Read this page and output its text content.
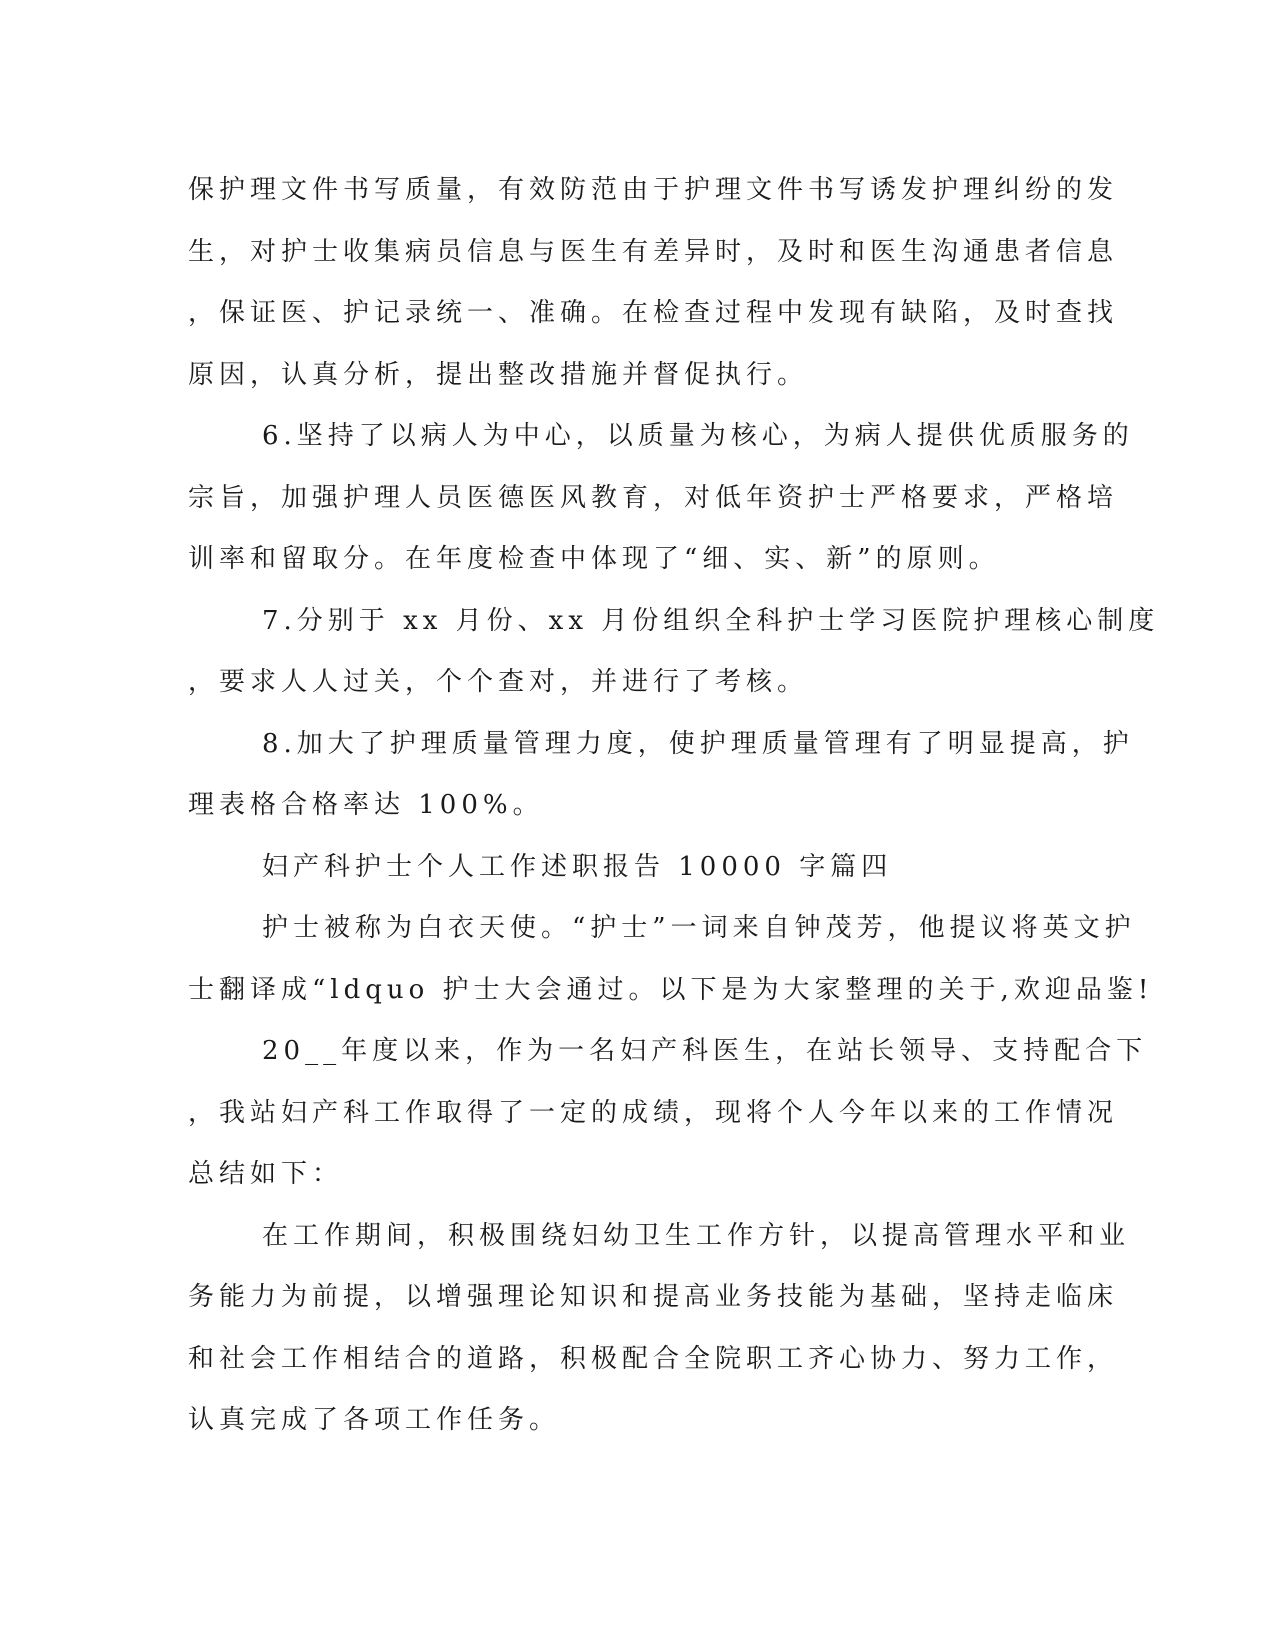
保护理文件书写质量，有效防范由于护理文件书写诱发护理纠纷的发
生，对护士收集病员信息与医生有差异时，及时和医生沟通患者信息
，保证医、护记录统一、准确。在检查过程中发现有缺陷，及时查找
原因，认真分析，提出整改措施并督促执行。
6.坚持了以病人为中心，以质量为核心，为病人提供优质服务的
宗旨，加强护理人员医德医风教育，对低年资护士严格要求，严格培
训率和留取分。在年度检查中体现了“细、实、新”的原则。
7.分别于 xx 月份、xx 月份组织全科护士学习医院护理核心制度
，要求人人过关，个个查对，并进行了考核。
8.加大了护理质量管理力度，使护理质量管理有了明显提高，护
理表格合格率达 100%。
妇产科护士个人工作述职报告 10000 字篇四
护士被称为白衣天使。“护士”一词来自钟茂芳，他提议将英文护
士翻译成“ldquo 护士大会通过。以下是为大家整理的关于,欢迎品鉴!
20__年度以来，作为一名妇产科医生，在站长领导、支持配合下
，我站妇产科工作取得了一定的成绩，现将个人今年以来的工作情况
总结如下：
在工作期间，积极围绕妇幼卫生工作方针，以提高管理水平和业
务能力为前提，以增强理论知识和提高业务技能为基础，坚持走临床
和社会工作相结合的道路，积极配合全院职工齐心协力、努力工作，
认真完成了各项工作任务。
